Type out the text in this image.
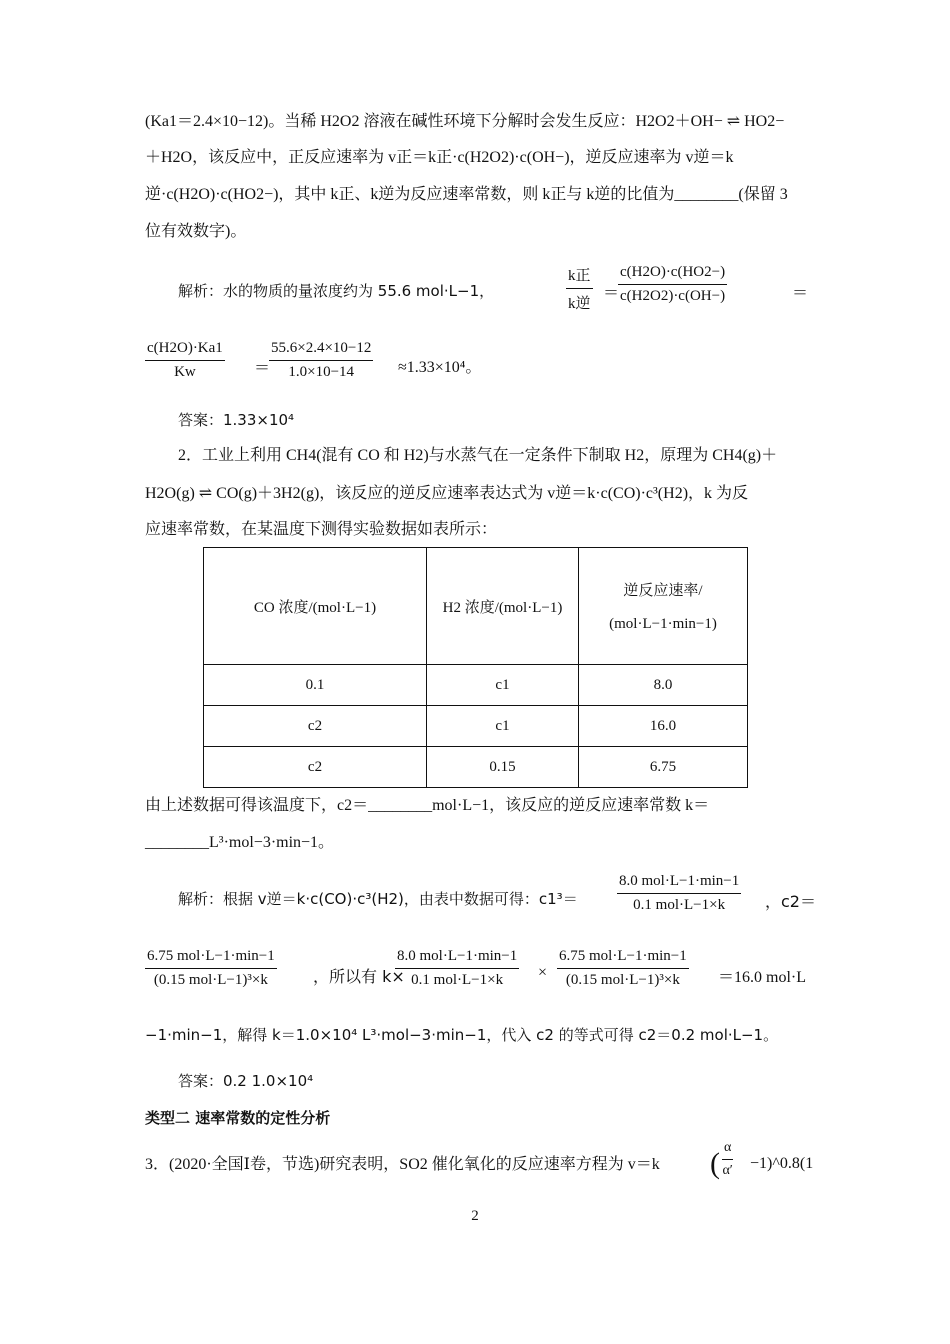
(Ka1＝2.4×10−12)。当稀 H2O2 溶液在碱性环境下分解时会发生反应：H2O2＋OH− ⇌ HO2−
＋H2O，该反应中，正反应速率为 v正＝k正·c(H2O2)·c(OH−)，逆反应速率为 v逆＝k
逆·c(H2O)·c(HO2−)，其中 k正、k逆为反应速率常数，则 k正与 k逆的比值为________(保留 3
位有效数字)。
解析：水的物质的量浓度约为 55.6 mol·L−1，
k正
k逆
＝
$\frac{c(H2O)\cdot c(HO2-)}{c(H2O2)\cdot c(OH-)}$	＝
$\frac{c(H2O)\cdot Ka1}{Kw}$ ＝
$\frac{55.6\times 2.4\times 10-12}{1.0\times 10-14} \approx 1.33\times 10^4$。
答案：1.33×10⁴
2．工业上利用 CH4(混有 CO 和 H2)与水蒸气在一定条件下制取 H2，原理为 CH4(g)＋
H2O(g) ⇌ CO(g)＋3H2(g)，该反应的逆反应速率表达式为 v逆＝k·c(CO)·c³(H2)，k 为反
应速率常数，在某温度下测得实验数据如表所示：
CO 浓度/(mol·L−1)	H2 浓度/(mol·L−1)	逆反应速率/
(mol·L−1·min−1)

0.1	c1	8.0
c2	c1	16.0
c2	0.15	6.75
由上述数据可得该温度下，c2＝________mol·L−1，该反应的逆反应速率常数 k＝
________L³·mol−3·min−1。
解析：根据 v逆＝k·c(CO)·c³(H2)，由表中数据可得：c1³＝
8.0 mol·L−1·min−1
0.1 mol·L−1×k	，c2＝
6.75 mol·L−1·min−1
(0.15 mol·L−1)³×k	，所以有 k×
8.0 mol·L−1·min−1
0.1 mol·L−1×k	×
6.75 mol·L−1·min−1
(0.15 mol·L−1)³×k	＝16.0 mol·L
−1·min−1，解得 k＝1.0×10⁴ L³·mol−3·min−1，代入 c2 的等式可得 c2＝0.2 mol·L−1。
答案：0.2 1.0×10⁴
类型二 速率常数的定性分析
3．(2020·全国Ⅰ卷，节选)研究表明，SO2 催化氧化的反应速率方程为 v＝k ( $\frac{\alpha}{\alpha'}$ −1)^0.8(1
2
